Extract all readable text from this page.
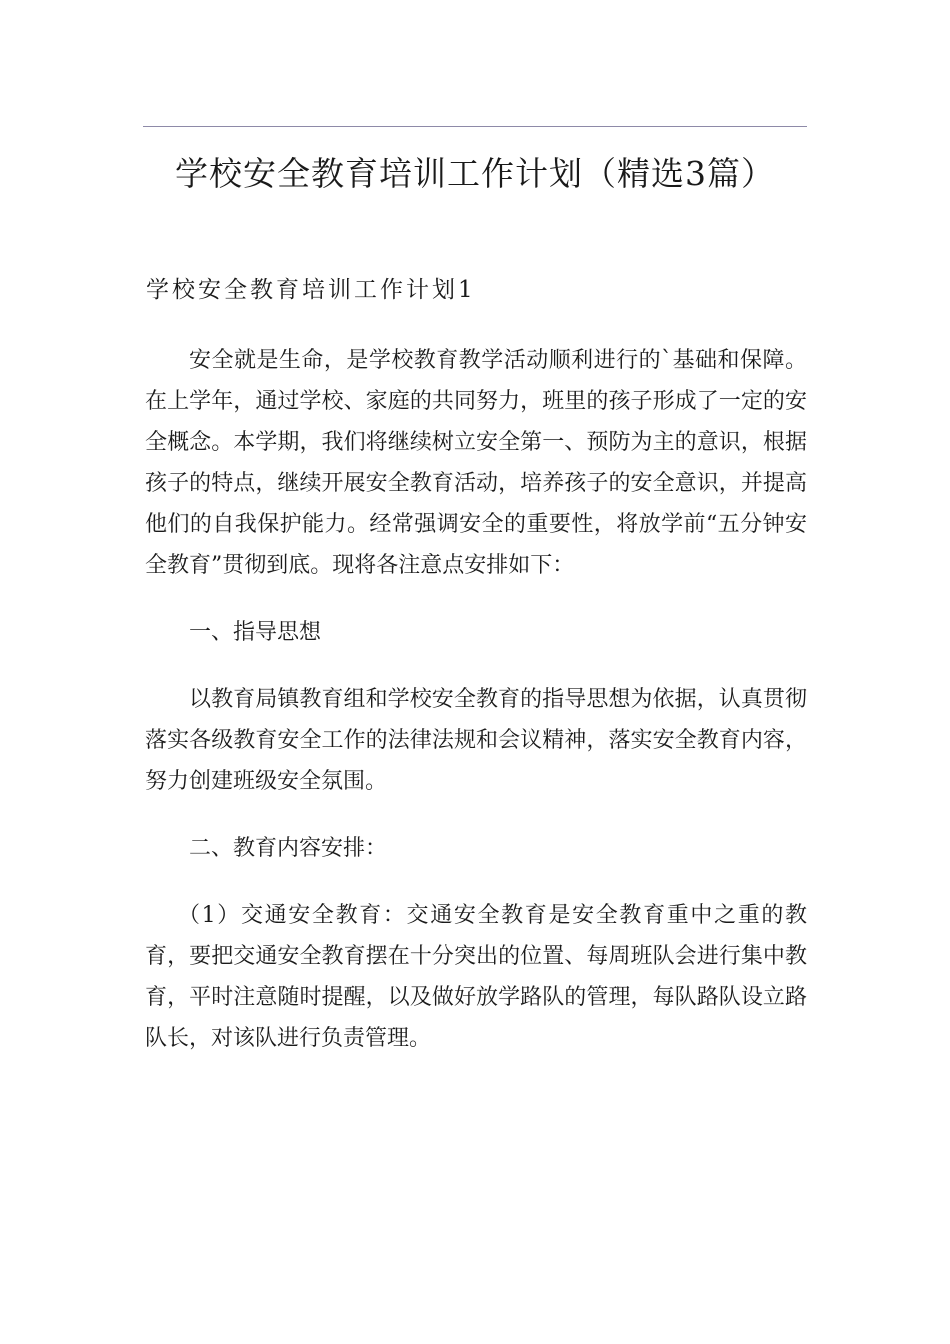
学校安全教育培训工作计划（精选3篇）
学校安全教育培训工作计划1

安全就是生命，是学校教育教学活动顺利进行的`基础和保障。在上学年，通过学校、家庭的共同努力，班里的孩子形成了一定的安全概念。本学期，我们将继续树立安全第一、预防为主的意识，根据孩子的特点，继续开展安全教育活动，培养孩子的安全意识，并提高他们的自我保护能力。经常强调安全的重要性，将放学前“五分钟安全教育”贯彻到底。现将各注意点安排如下：

一、指导思想

以教育局镇教育组和学校安全教育的指导思想为依据，认真贯彻落实各级教育安全工作的法律法规和会议精神，落实安全教育内容，努力创建班级安全氛围。

二、教育内容安排：

（1）交通安全教育：交通安全教育是安全教育重中之重的教育，要把交通安全教育摆在十分突出的位置、每周班队会进行集中教育，平时注意随时提醒，以及做好放学路队的管理，每队路队设立路队长，对该队进行负责管理。
